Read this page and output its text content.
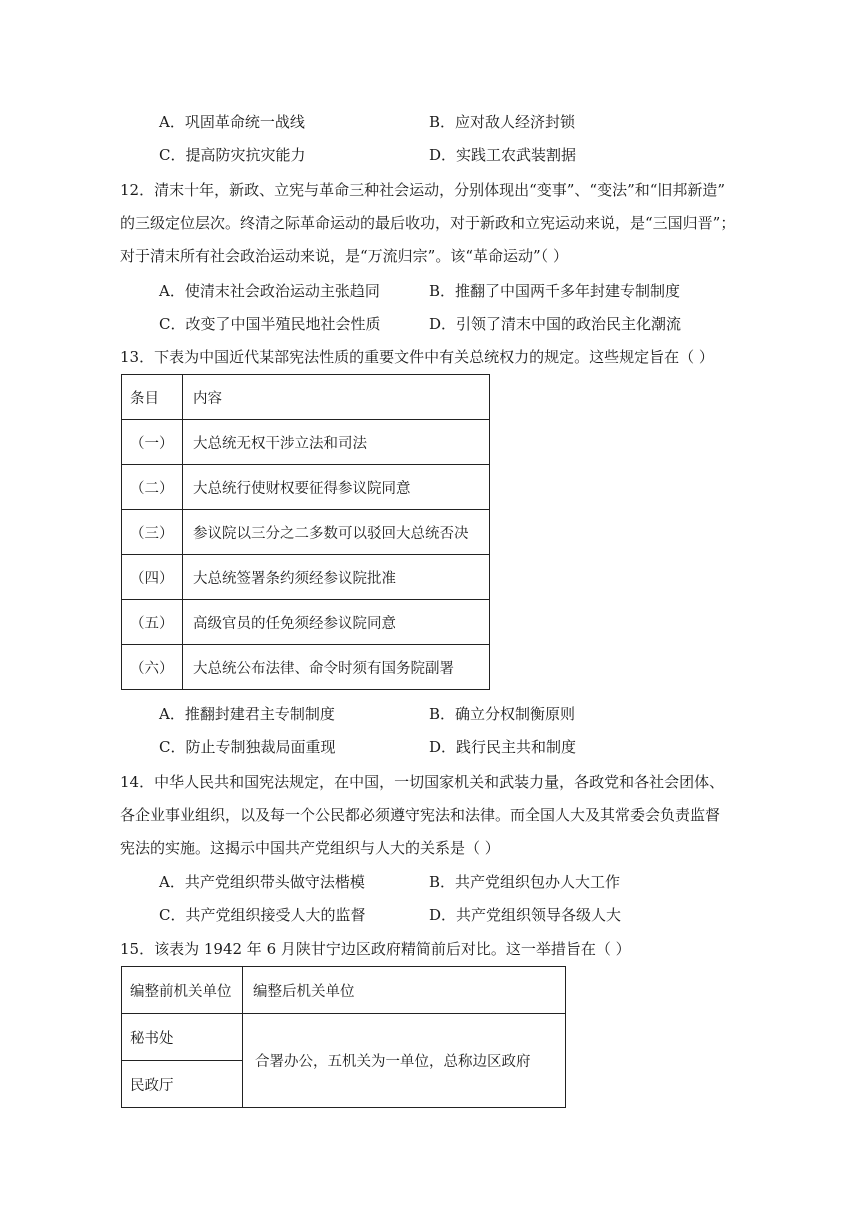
A．巩固革命统一战线	B．应对敌人经济封锁
C．提高防灾抗灾能力	D．实践工农武装割据
12．清末十年，新政、立宪与革命三种社会运动，分别体现出“变事”、“变法”和“旧邦新造”
的三级定位层次。终清之际革命运动的最后收功，对于新政和立宪运动来说，是“三国归晋”；
对于清末所有社会政治运动来说，是“万流归宗”。该“革命运动”（ ）
A．使清末社会政治运动主张趋同	B．推翻了中国两千多年封建专制制度
C．改变了中国半殖民地社会性质	D．引领了清末中国的政治民主化潮流
13．下表为中国近代某部宪法性质的重要文件中有关总统权力的规定。这些规定旨在（ ）
条目	内容
（一）	大总统无权干涉立法和司法
（二）	大总统行使财权要征得参议院同意
（三）	参议院以三分之二多数可以驳回大总统否决
（四）	大总统签署条约须经参议院批准
（五）	高级官员的任免须经参议院同意
（六）	大总统公布法律、命令时须有国务院副署
A．推翻封建君主专制制度	B．确立分权制衡原则
C．防止专制独裁局面重现	D．践行民主共和制度
14．中华人民共和国宪法规定，在中国，一切国家机关和武装力量，各政党和各社会团体、
各企业事业组织，以及每一个公民都必须遵守宪法和法律。而全国人大及其常委会负责监督
宪法的实施。这揭示中国共产党组织与人大的关系是（ ）
A．共产党组织带头做守法楷模	B．共产党组织包办人大工作
C．共产党组织接受人大的监督	D．共产党组织领导各级人大
15．该表为 1942 年 6 月陕甘宁边区政府精简前后对比。这一举措旨在（ ）
编整前机关单位	编整后机关单位
秘书处	合署办公，五机关为一单位，总称边区政府
民政厅	
